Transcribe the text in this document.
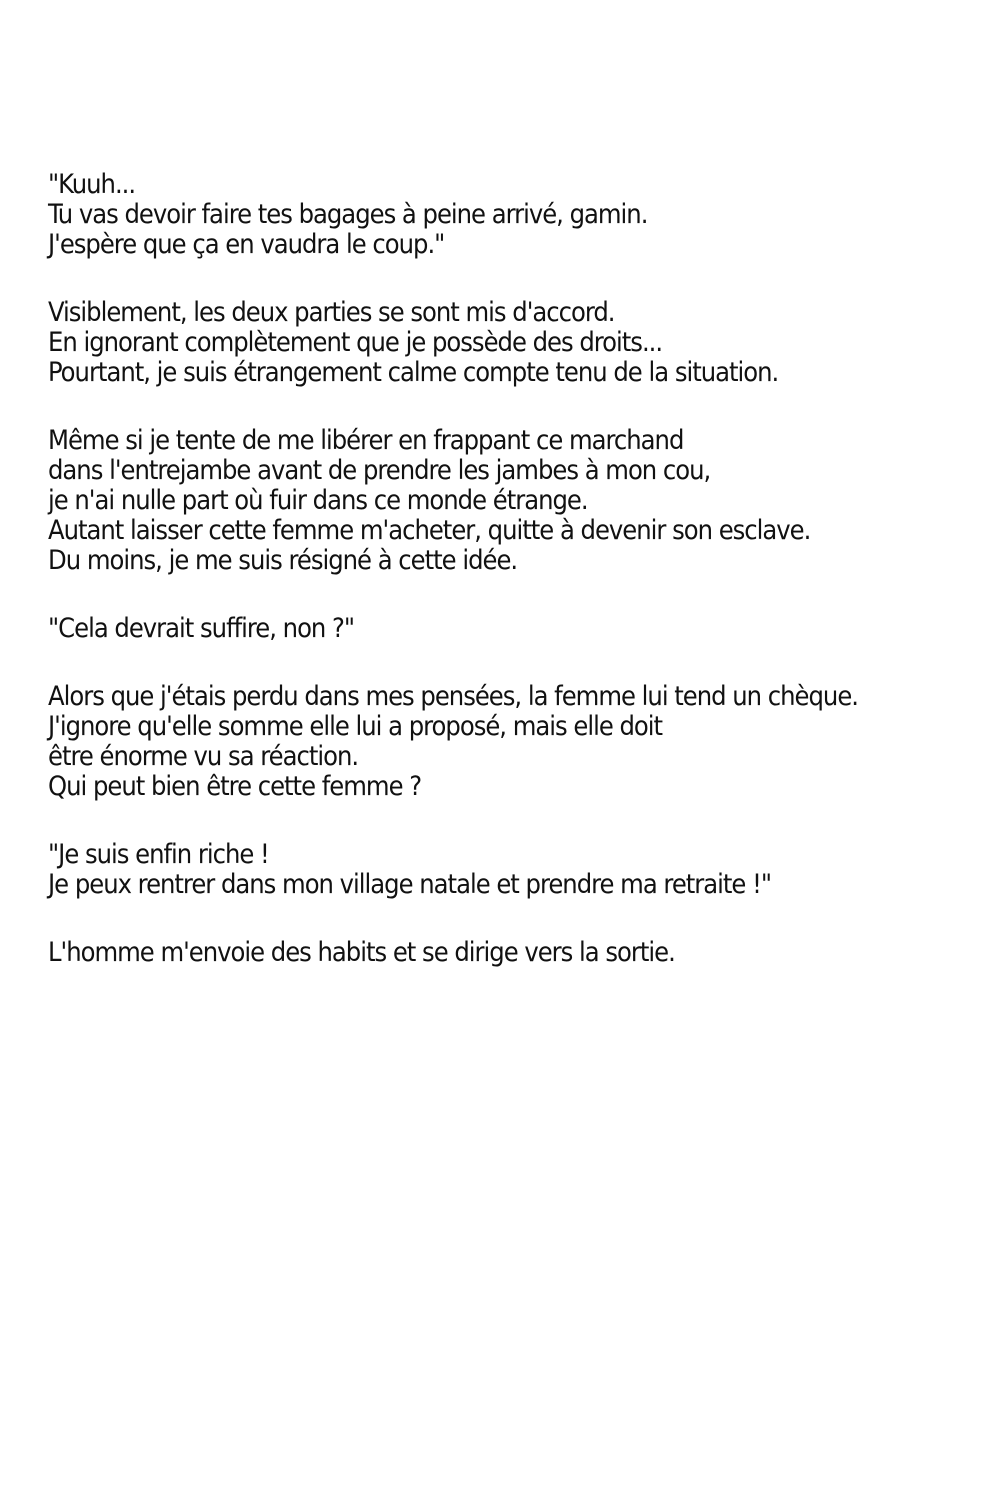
"Kuuh...
Tu vas devoir faire tes bagages à peine arrivé, gamin.
J'espère que ça en vaudra le coup."

Visiblement, les deux parties se sont mis d'accord.
En ignorant complètement que je possède des droits...
Pourtant, je suis étrangement calme compte tenu de la situation.

Même si je tente de me libérer en frappant ce marchand
dans l'entrejambe avant de prendre les jambes à mon cou,
je n'ai nulle part où fuir dans ce monde étrange.
Autant laisser cette femme m'acheter, quitte à devenir son esclave.
Du moins, je me suis résigné à cette idée.

"Cela devrait suffire, non ?"

Alors que j'étais perdu dans mes pensées, la femme lui tend un chèque.
J'ignore qu'elle somme elle lui a proposé, mais elle doit
être énorme vu sa réaction.
Qui peut bien être cette femme ?

"Je suis enfin riche !
Je peux rentrer dans mon village natale et prendre ma retraite !"

L'homme m'envoie des habits et se dirige vers la sortie.
